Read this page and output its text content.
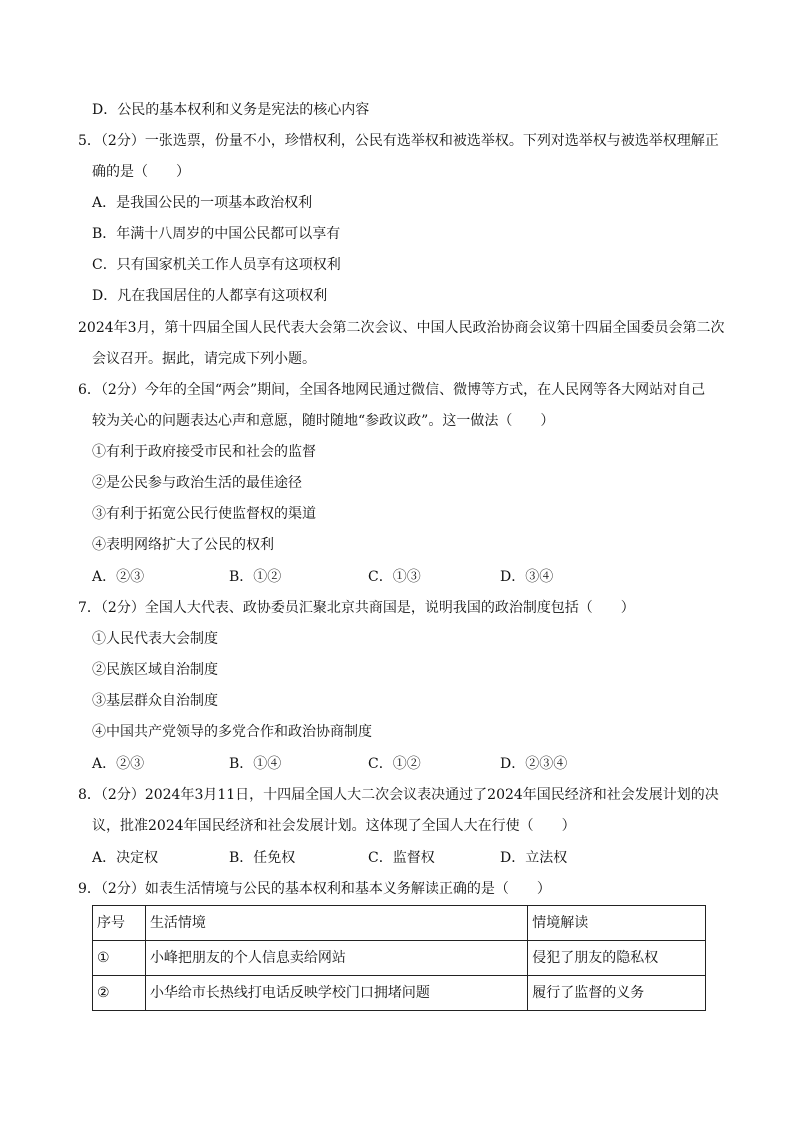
D．公民的基本权利和义务是宪法的核心内容
5．（2分）一张选票，份量不小，珍惜权利，公民有选举权和被选举权。下列对选举权与被选举权理解正
确的是（　　）
A．是我国公民的一项基本政治权利
B．年满十八周岁的中国公民都可以享有
C．只有国家机关工作人员享有这项权利
D．凡在我国居住的人都享有这项权利
2024年3月，第十四届全国人民代表大会第二次会议、中国人民政治协商会议第十四届全国委员会第二次
会议召开。据此，请完成下列小题。
6．（2分）今年的全国“两会”期间，全国各地网民通过微信、微博等方式，在人民网等各大网站对自己
较为关心的问题表达心声和意愿，随时随地“参政议政”。这一做法（　　）
①有利于政府接受市民和社会的监督
②是公民参与政治生活的最佳途径
③有利于拓宽公民行使监督权的渠道
④表明网络扩大了公民的权利
A．②③	B．①②	C．①③	D．③④
7．（2分）全国人大代表、政协委员汇聚北京共商国是，说明我国的政治制度包括（　　）
①人民代表大会制度
②民族区域自治制度
③基层群众自治制度
④中国共产党领导的多党合作和政治协商制度
A．②③	B．①④	C．①②	D．②③④
8．（2分）2024年3月11日，十四届全国人大二次会议表决通过了2024年国民经济和社会发展计划的决
议，批准2024年国民经济和社会发展计划。这体现了全国人大在行使（　　）
A．决定权	B．任免权	C．监督权	D．立法权
9．（2分）如表生活情境与公民的基本权利和基本义务解读正确的是（　　）
序号	生活情境	情境解读
①	小峰把朋友的个人信息卖给网站	侵犯了朋友的隐私权
②	小华给市长热线打电话反映学校门口拥堵问题	履行了监督的义务
